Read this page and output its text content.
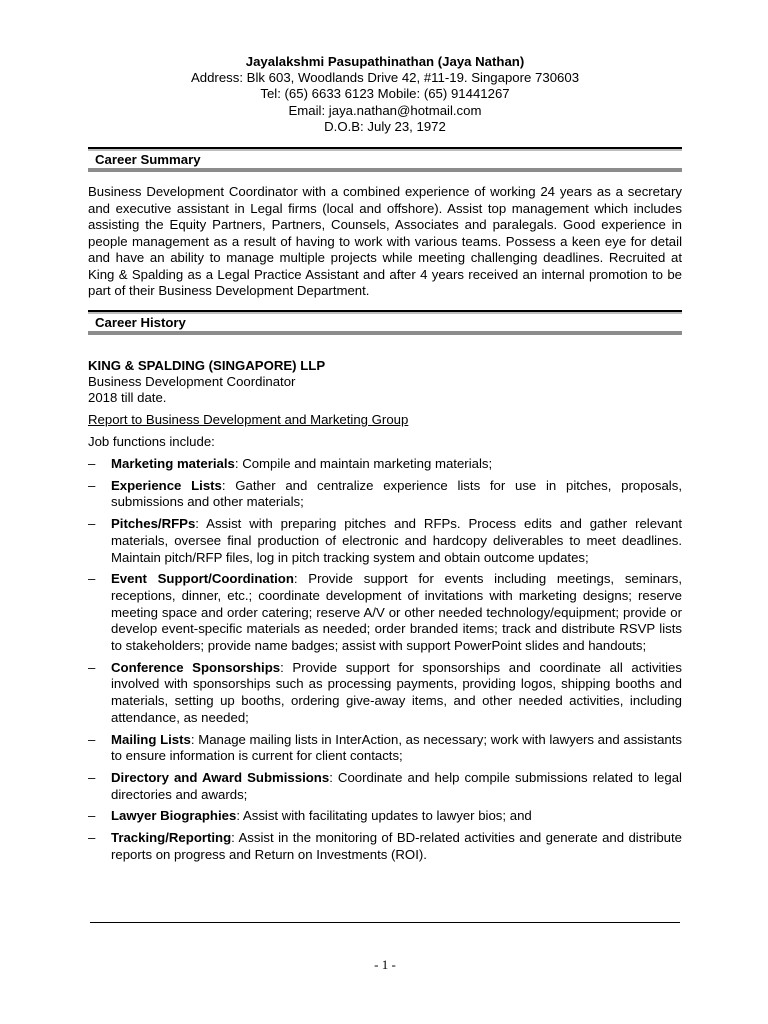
Jayalakshmi Pasupathinathan (Jaya Nathan)
Address: Blk 603, Woodlands Drive 42, #11-19. Singapore 730603
Tel: (65) 6633 6123 Mobile: (65) 91441267
Email: jaya.nathan@hotmail.com
D.O.B: July 23, 1972
Career Summary
Business Development Coordinator with a combined experience of working 24 years as a secretary and executive assistant in Legal firms (local and offshore). Assist top management which includes assisting the Equity Partners, Partners, Counsels, Associates and paralegals. Good experience in people management as a result of having to work with various teams. Possess a keen eye for detail and have an ability to manage multiple projects while meeting challenging deadlines. Recruited at King & Spalding as a Legal Practice Assistant and after 4 years received an internal promotion to be part of their Business Development Department.
Career History
KING & SPALDING (SINGAPORE) LLP
Business Development Coordinator
2018 till date.
Report to Business Development and Marketing Group
Job functions include:
– Marketing materials: Compile and maintain marketing materials;
– Experience Lists: Gather and centralize experience lists for use in pitches, proposals, submissions and other materials;
– Pitches/RFPs: Assist with preparing pitches and RFPs. Process edits and gather relevant materials, oversee final production of electronic and hardcopy deliverables to meet deadlines. Maintain pitch/RFP files, log in pitch tracking system and obtain outcome updates;
– Event Support/Coordination: Provide support for events including meetings, seminars, receptions, dinner, etc.; coordinate development of invitations with marketing designs; reserve meeting space and order catering; reserve A/V or other needed technology/equipment; provide or develop event-specific materials as needed; order branded items; track and distribute RSVP lists to stakeholders; provide name badges; assist with support PowerPoint slides and handouts;
– Conference Sponsorships: Provide support for sponsorships and coordinate all activities involved with sponsorships such as processing payments, providing logos, shipping booths and materials, setting up booths, ordering give-away items, and other needed activities, including attendance, as needed;
– Mailing Lists: Manage mailing lists in InterAction, as necessary; work with lawyers and assistants to ensure information is current for client contacts;
– Directory and Award Submissions: Coordinate and help compile submissions related to legal directories and awards;
– Lawyer Biographies: Assist with facilitating updates to lawyer bios; and
– Tracking/Reporting: Assist in the monitoring of BD-related activities and generate and distribute reports on progress and Return on Investments (ROI).
- 1 -
